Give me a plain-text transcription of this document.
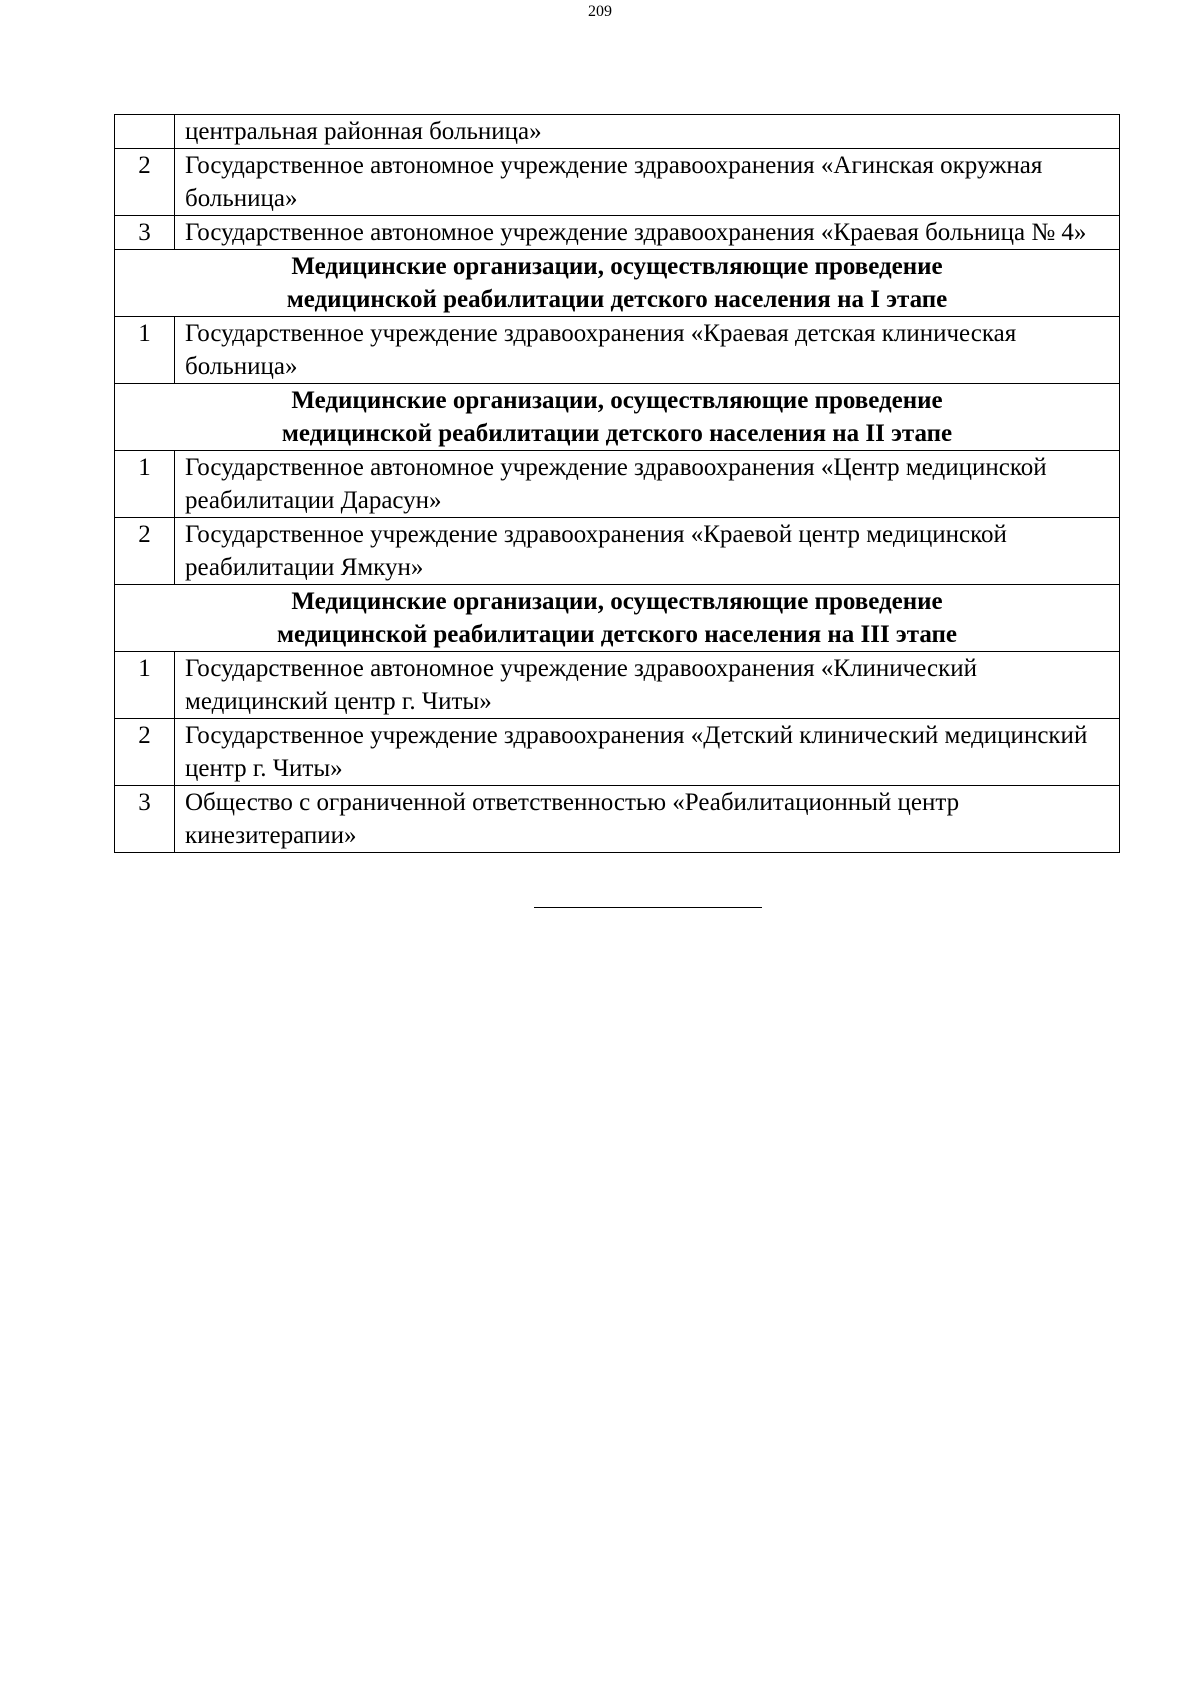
209
	центральная районная больница»
2	Государственное автономное учреждение здравоохранения «Агинская окружная больница»
3	Государственное автономное учреждение здравоохранения «Краевая больница № 4»

Медицинские организации, осуществляющие проведение
медицинской реабилитации детского населения на I этапе	

1	Государственное учреждение здравоохранения «Краевая детская клиническая больница»

Медицинские организации, осуществляющие проведение
медицинской реабилитации детского населения на II этапе	

1	Государственное автономное учреждение здравоохранения «Центр медицинской реабилитации Дарасун»
2	Государственное учреждение здравоохранения «Краевой центр медицинской реабилитации Ямкун»

Медицинские организации, осуществляющие проведение
медицинской реабилитации детского населения на III этапе	

1	Государственное автономное учреждение здравоохранения «Клинический медицинский центр г. Читы»
2	Государственное учреждение здравоохранения «Детский клинический медицинский центр г. Читы»
3	Общество с ограниченной ответственностью «Реабилитационный центр кинезитерапии»
